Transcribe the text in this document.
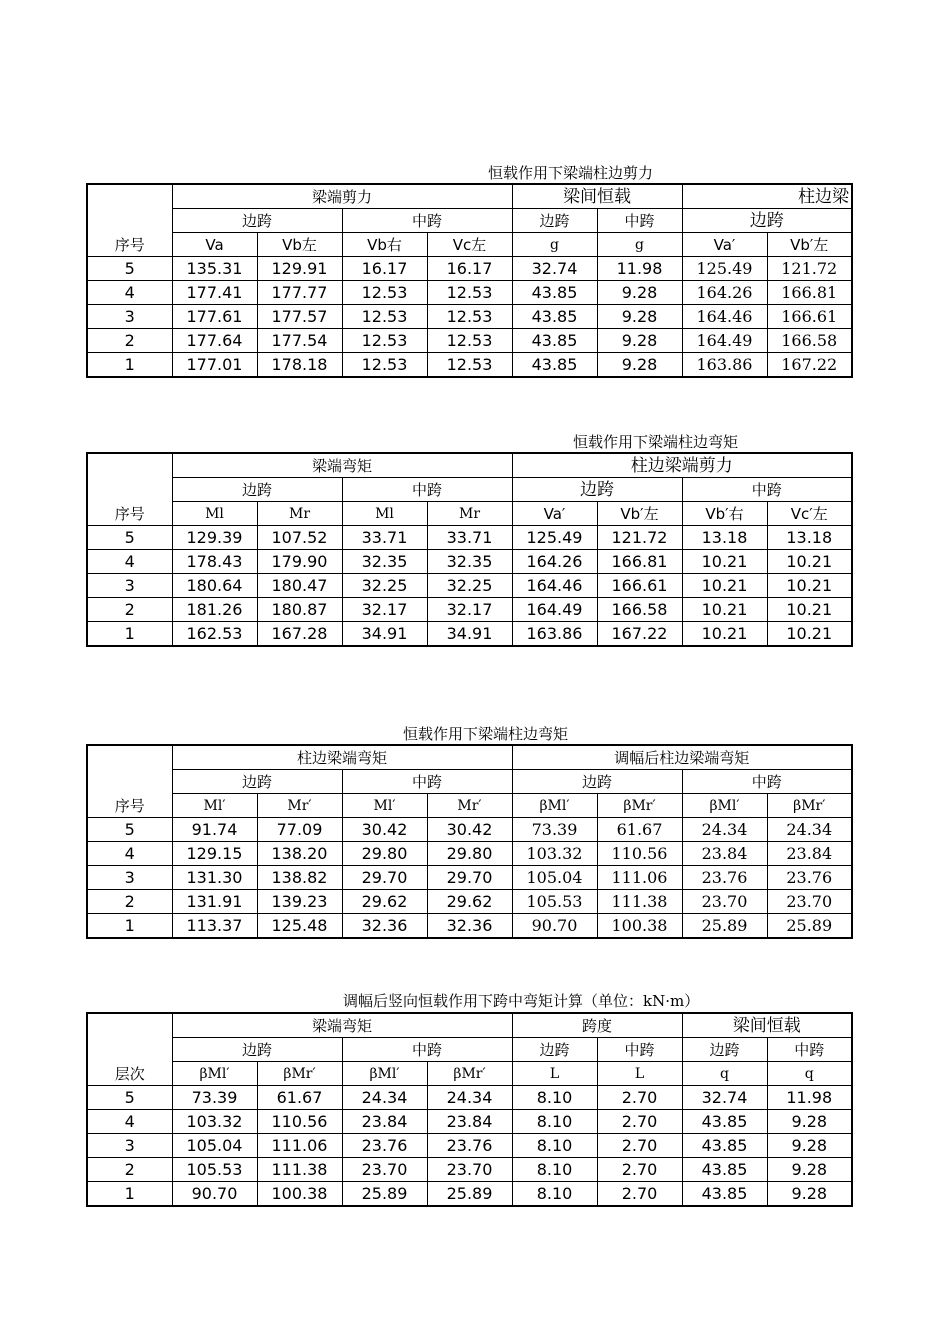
恒载作用下梁端柱边剪力
序号	梁端剪力				梁间恒载		柱边梁	
	边跨		中跨		边跨	中跨	边跨	
	Va	Vb左	Vb右	Vc左	g	g	Va′	Vb′左
5	135.31	129.91	16.17	16.17	32.74	11.98	125.49	121.72
4	177.41	177.77	12.53	12.53	43.85	9.28	164.26	166.81
3	177.61	177.57	12.53	12.53	43.85	9.28	164.46	166.61
2	177.64	177.54	12.53	12.53	43.85	9.28	164.49	166.58
1	177.01	178.18	12.53	12.53	43.85	9.28	163.86	167.22
恒载作用下梁端柱边弯矩
序号	梁端弯矩				柱边梁端剪力			
	边跨		中跨		边跨		中跨	
	Ml	Mr	Ml	Mr	Va′	Vb′左	Vb′右	Vc′左
5	129.39	107.52	33.71	33.71	125.49	121.72	13.18	13.18
4	178.43	179.90	32.35	32.35	164.26	166.81	10.21	10.21
3	180.64	180.47	32.25	32.25	164.46	166.61	10.21	10.21
2	181.26	180.87	32.17	32.17	164.49	166.58	10.21	10.21
1	162.53	167.28	34.91	34.91	163.86	167.22	10.21	10.21
恒载作用下梁端柱边弯矩
序号	柱边梁端弯矩				调幅后柱边梁端弯矩			
	边跨		中跨		边跨		中跨	
	Ml′	Mr′	Ml′	Mr′	βMl′	βMr′	βMl′	βMr′
5	91.74	77.09	30.42	30.42	73.39	61.67	24.34	24.34
4	129.15	138.20	29.80	29.80	103.32	110.56	23.84	23.84
3	131.30	138.82	29.70	29.70	105.04	111.06	23.76	23.76
2	131.91	139.23	29.62	29.62	105.53	111.38	23.70	23.70
1	113.37	125.48	32.36	32.36	90.70	100.38	25.89	25.89
调幅后竖向恒载作用下跨中弯矩计算（单位：kN·m）
层次	梁端弯矩				跨度		梁间恒载	
	边跨		中跨		边跨	中跨	边跨	中跨
	βMl′	βMr′	βMl′	βMr′	L	L	q	q
5	73.39	61.67	24.34	24.34	8.10	2.70	32.74	11.98
4	103.32	110.56	23.84	23.84	8.10	2.70	43.85	9.28
3	105.04	111.06	23.76	23.76	8.10	2.70	43.85	9.28
2	105.53	111.38	23.70	23.70	8.10	2.70	43.85	9.28
1	90.70	100.38	25.89	25.89	8.10	2.70	43.85	9.28
